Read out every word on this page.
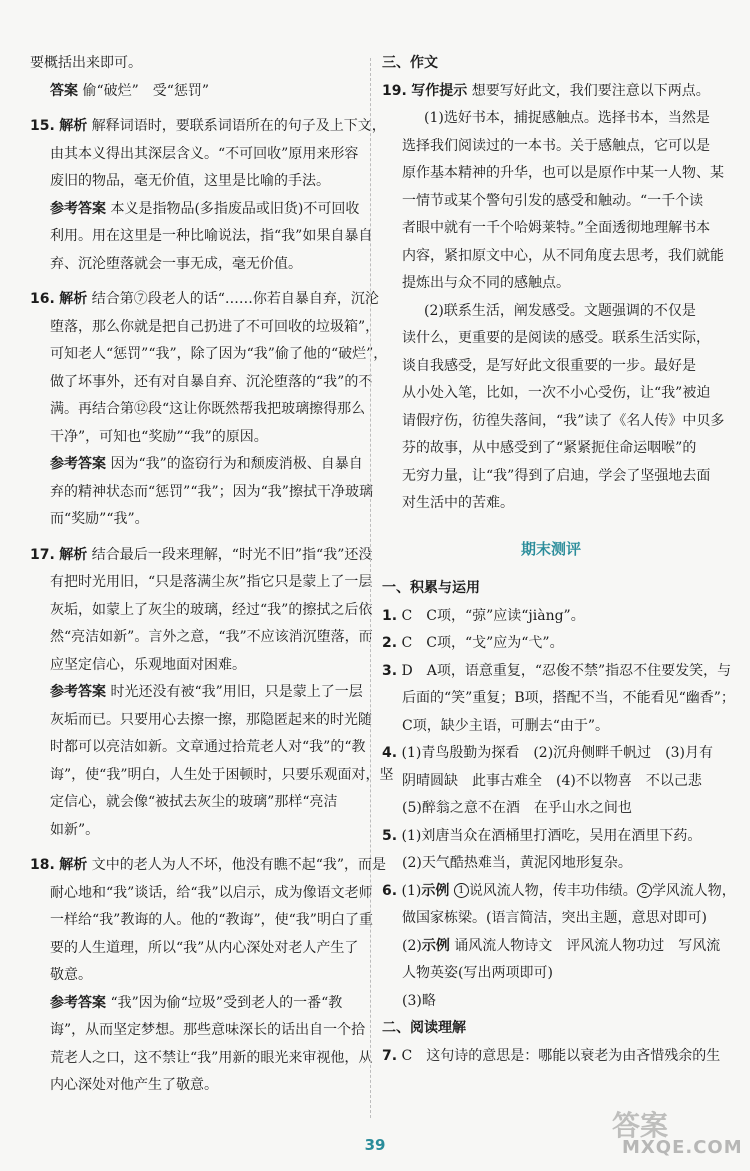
要概括出来即可。
答案 偷“破烂”　受“惩罚”
15. 解析 解释词语时，要联系词语所在的句子及上下文，
由其本义得出其深层含义。“不可回收”原用来形容
废旧的物品，毫无价值，这里是比喻的手法。
参考答案 本义是指物品(多指废品或旧货)不可回收
利用。用在这里是一种比喻说法，指“我”如果自暴自
弃、沉沦堕落就会一事无成，毫无价值。
16. 解析 结合第⑦段老人的话“……你若自暴自弃，沉沦
堕落，那么你就是把自己扔进了不可回收的垃圾箱”，
可知老人“惩罚”“我”，除了因为“我”偷了他的“破烂”，
做了坏事外，还有对自暴自弃、沉沦堕落的“我”的不
满。再结合第⑫段“这让你既然帮我把玻璃擦得那么
干净”，可知也“奖励”“我”的原因。
参考答案 因为“我”的盗窃行为和颓废消极、自暴自
弃的精神状态而“惩罚”“我”；因为“我”擦拭干净玻璃
而“奖励”“我”。
17. 解析 结合最后一段来理解，“时光不旧”指“我”还没
有把时光用旧，“只是落满尘灰”指它只是蒙上了一层
灰垢，如蒙上了灰尘的玻璃，经过“我”的擦拭之后依
然“亮洁如新”。言外之意，“我”不应该消沉堕落，而
应坚定信心，乐观地面对困难。
参考答案 时光还没有被“我”用旧，只是蒙上了一层
灰垢而已。只要用心去擦一擦，那隐匿起来的时光随
时都可以亮洁如新。文章通过拾荒老人对“我”的“教
诲”，使“我”明白，人生处于困顿时，只要乐观面对，坚
定信心，就会像“被拭去灰尘的玻璃”那样“亮洁
如新”。
18. 解析 文中的老人为人不坏，他没有瞧不起“我”，而是
耐心地和“我”谈话，给“我”以启示，成为像语文老师
一样给“我”教诲的人。他的“教诲”，使“我”明白了重
要的人生道理，所以“我”从内心深处对老人产生了
敬意。
参考答案 “我”因为偷“垃圾”受到老人的一番“教
诲”，从而坚定梦想。那些意味深长的话出自一个拾
荒老人之口，这不禁让“我”用新的眼光来审视他，从
内心深处对他产生了敬意。
三、作文
19. 写作提示 想要写好此文，我们要注意以下两点。
(1)选好书本，捕捉感触点。选择书本，当然是
选择我们阅读过的一本书。关于感触点，它可以是
原作基本精神的升华，也可以是原作中某一人物、某
一情节或某个警句引发的感受和触动。“一千个读
者眼中就有一千个哈姆莱特。”全面透彻地理解书本
内容，紧扣原文中心，从不同角度去思考，我们就能
提炼出与众不同的感触点。
(2)联系生活，阐发感受。文题强调的不仅是
读什么，更重要的是阅读的感受。联系生活实际，
谈自我感受，是写好此文很重要的一步。最好是
从小处入笔，比如，一次不小心受伤，让“我”被迫
请假疗伤，彷徨失落间，“我”读了《名人传》中贝多
芬的故事，从中感受到了“紧紧扼住命运咽喉”的
无穷力量，让“我”得到了启迪，学会了坚强地去面
对生活中的苦难。
期末测评
一、积累与运用
1. C　C项，“弶”应读“jiàng”。
2. C　C项，“戈”应为“弋”。
3. D　A项，语意重复，“忍俊不禁”指忍不住要发笑，与
后面的“笑”重复；B项，搭配不当，不能看见“幽香”；
C项，缺少主语，可删去“由于”。
4. (1)青鸟殷勤为探看　(2)沉舟侧畔千帆过　(3)月有
阴晴圆缺　此事古难全　(4)不以物喜　不以己悲
(5)醉翁之意不在酒　在乎山水之间也
5. (1)刘唐当众在酒桶里打酒吃，吴用在酒里下药。
(2)天气酷热难当，黄泥冈地形复杂。
6. (1)示例 1 说风流人物，传丰功伟绩。 2 学风流人物，
做国家栋梁。(语言简洁，突出主题，意思对即可)
(2)示例 诵风流人物诗文　评风流人物功过　写风流
人物英姿(写出两项即可)
(3)略
二、阅读理解
7. C　这句诗的意思是：哪能以衰老为由吝惜残余的生
39
答案
MXQE.COM
